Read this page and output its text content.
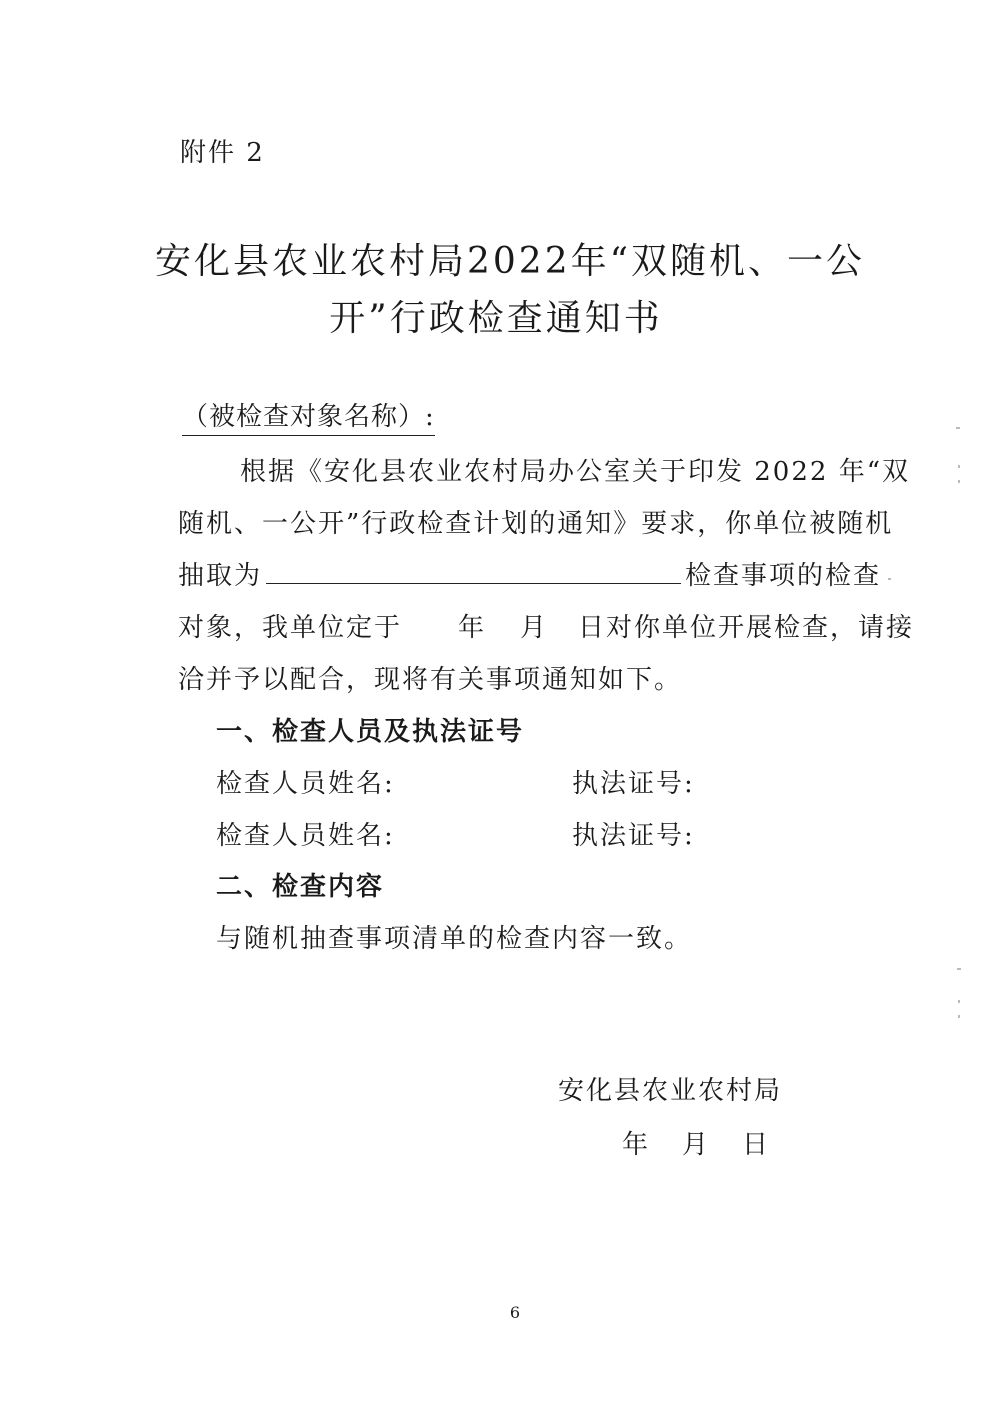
附件 2
安化县农业农村局2022年“双随机、一公
开”行政检查通知书
（被检查对象名称）:
根据《安化县农业农村局办公室关于印发 2022 年“双
随机、一公开”行政检查计划的通知》要求，你单位被随机
抽取为	检查事项的检查
对象，我单位定于 年 月 日对你单位开展检查，请接
洽并予以配合，现将有关事项通知如下。
一、检查人员及执法证号
检查人员姓名:	执法证号:
检查人员姓名:	执法证号:
二、检查内容
与随机抽查事项清单的检查内容一致。
安化县农业农村局
年 月 日
6
